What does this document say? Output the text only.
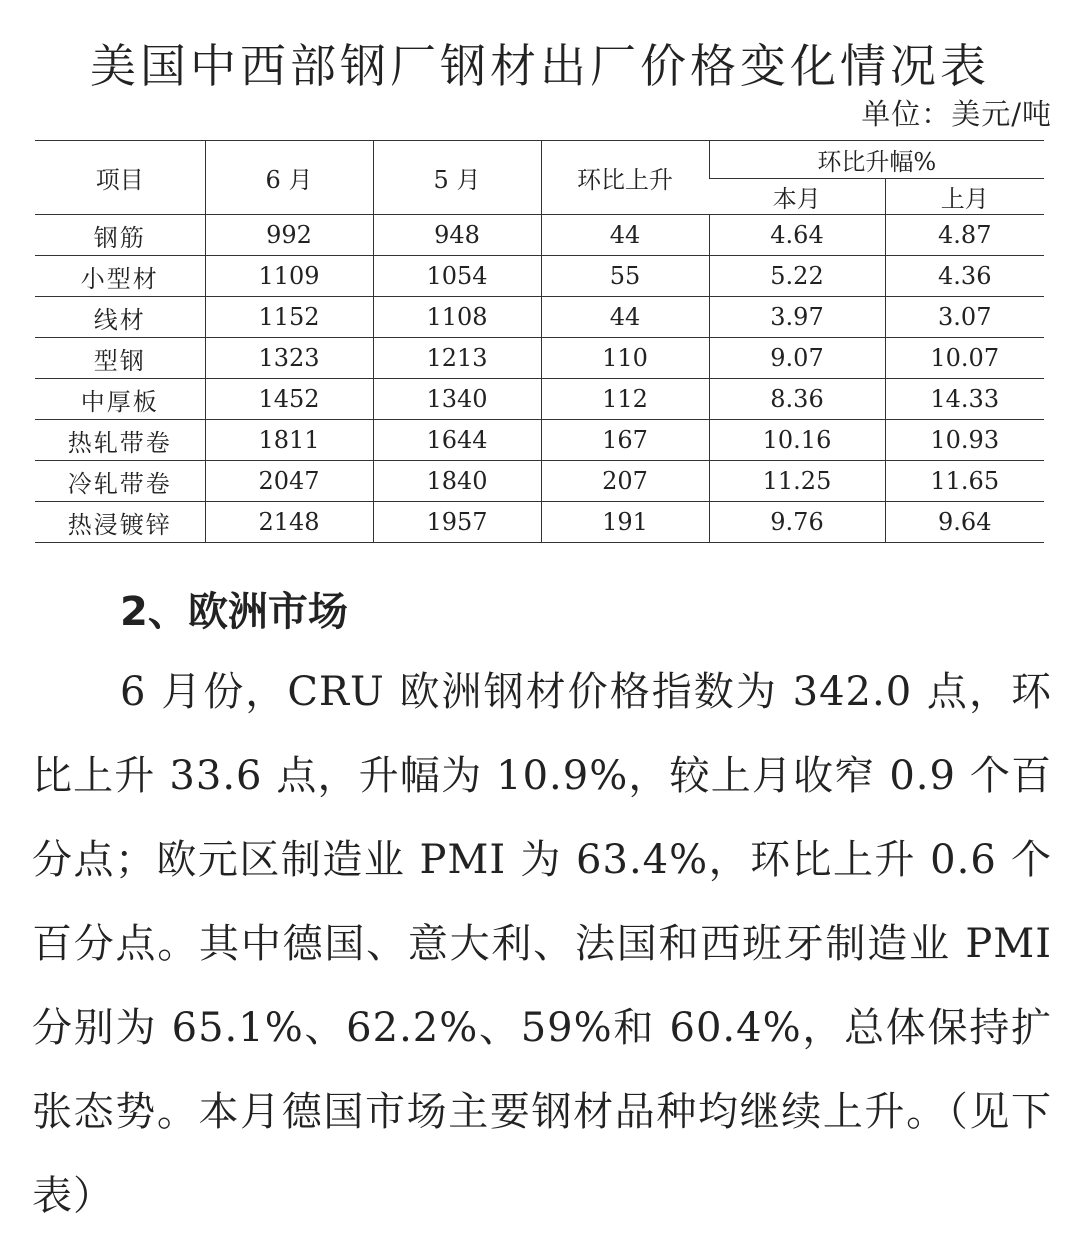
美国中西部钢厂钢材出厂价格变化情况表
单位：美元/吨
项目	6 月	5 月	环比上升	环比升幅%	
				本月	上月
钢筋	992	948	44	4.64	4.87
小型材	1109	1054	55	5.22	4.36
线材	1152	1108	44	3.97	3.07
型钢	1323	1213	110	9.07	10.07
中厚板	1452	1340	112	8.36	14.33
热轧带卷	1811	1644	167	10.16	10.93
冷轧带卷	2047	1840	207	11.25	11.65
热浸镀锌	2148	1957	191	9.76	9.64
2、欧洲市场

6 月份，CRU 欧洲钢材价格指数为 342.0 点，环比上升 33.6 点，升幅为 10.9%，较上月收窄 0.9 个百分点；欧元区制造业 PMI 为 63.4%，环比上升 0.6 个百分点。其中德国、意大利、法国和西班牙制造业 PMI 分别为 65.1%、62.2%、59%和 60.4%，总体保持扩张态势。本月德国市场主要钢材品种均继续上升。（见下表）
